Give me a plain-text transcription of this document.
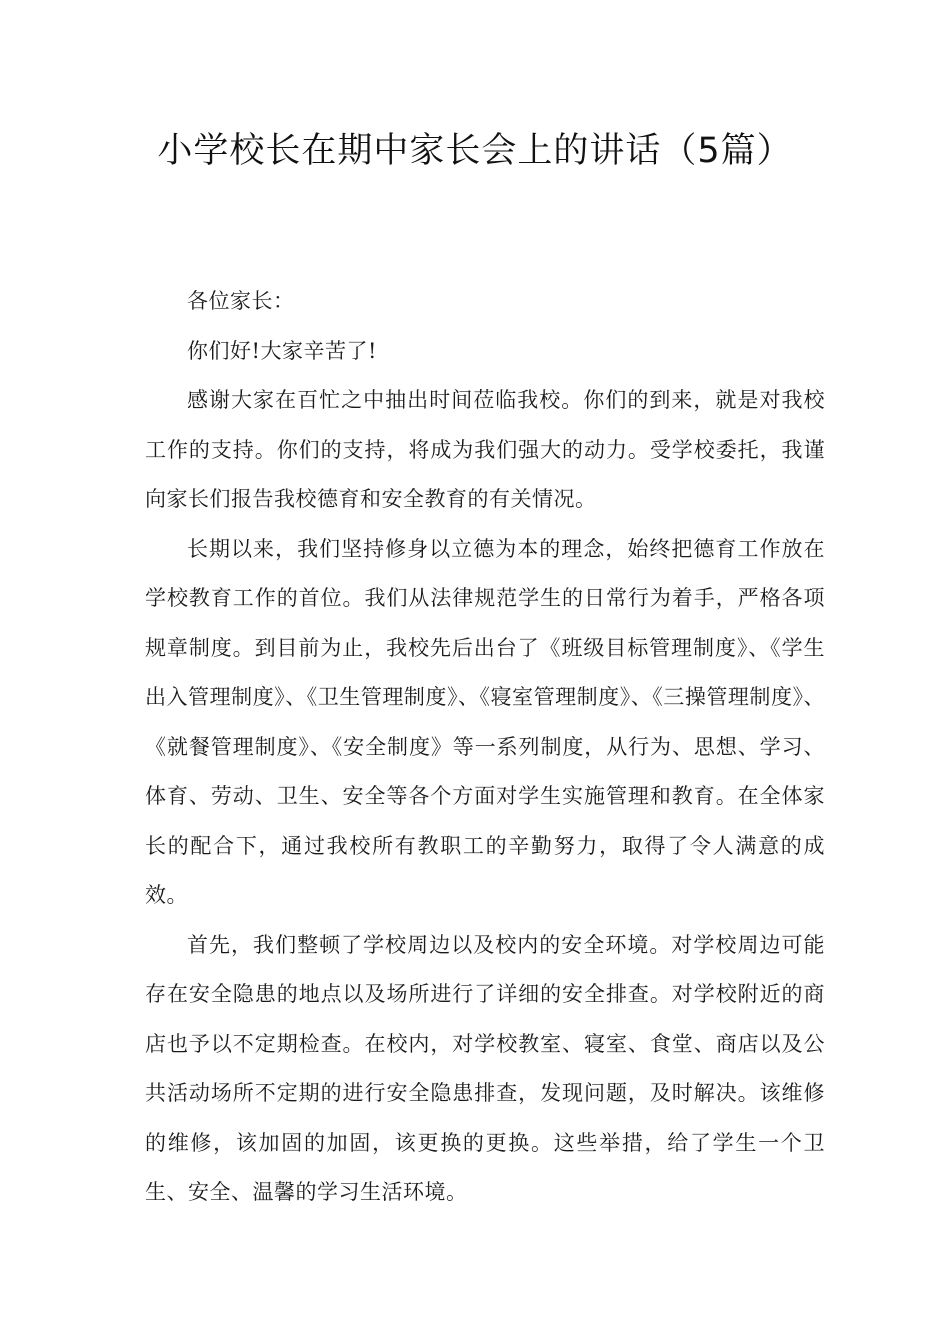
小学校长在期中家长会上的讲话（5篇）

各位家长：

你们好!大家辛苦了!

感谢大家在百忙之中抽出时间莅临我校。你们的到来，就是对我校工作的支持。你们的支持，将成为我们强大的动力。受学校委托，我谨向家长们报告我校德育和安全教育的有关情况。

长期以来，我们坚持修身以立德为本的理念，始终把德育工作放在学校教育工作的首位。我们从法律规范学生的日常行为着手，严格各项规章制度。到目前为止，我校先后出台了《班级目标管理制度》、《学生出入管理制度》、《卫生管理制度》、《寝室管理制度》、《三操管理制度》、《就餐管理制度》、《安全制度》等一系列制度，从行为、思想、学习、体育、劳动、卫生、安全等各个方面对学生实施管理和教育。在全体家长的配合下，通过我校所有教职工的辛勤努力，取得了令人满意的成效。

首先，我们整顿了学校周边以及校内的安全环境。对学校周边可能存在安全隐患的地点以及场所进行了详细的安全排查。对学校附近的商店也予以不定期检查。在校内，对学校教室、寝室、食堂、商店以及公共活动场所不定期的进行安全隐患排查，发现问题，及时解决。该维修的维修，该加固的加固，该更换的更换。这些举措，给了学生一个卫生、安全、温馨的学习生活环境。
